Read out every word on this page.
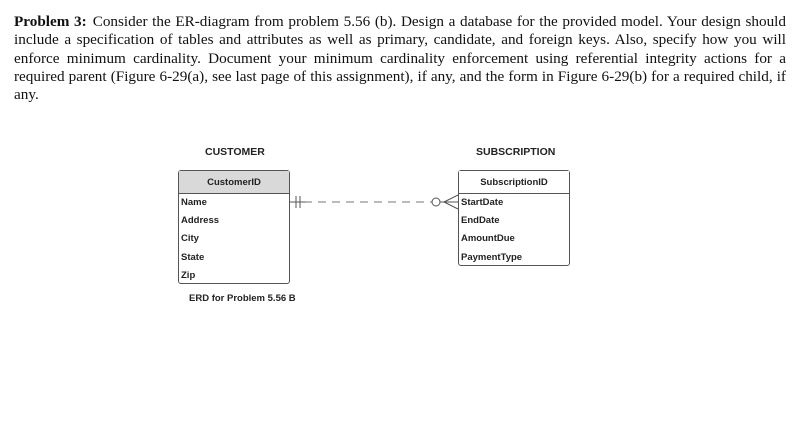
Problem 3: Consider the ER-diagram from problem 5.56 (b). Design a database for the provided model. Your design should include a specification of tables and attributes as well as primary, candidate, and foreign keys. Also, specify how you will enforce minimum cardinality. Document your minimum cardinality enforcement using referential integrity actions for a required parent (Figure 6-29(a), see last page of this assignment), if any, and the form in Figure 6-29(b) for a required child, if any.

CUSTOMER	SUBSCRIPTION
CustomerID
Name
Address
City
State
Zip
SubscriptionID
StartDate
EndDate
AmountDue
PaymentType
ERD for Problem 5.56 B
